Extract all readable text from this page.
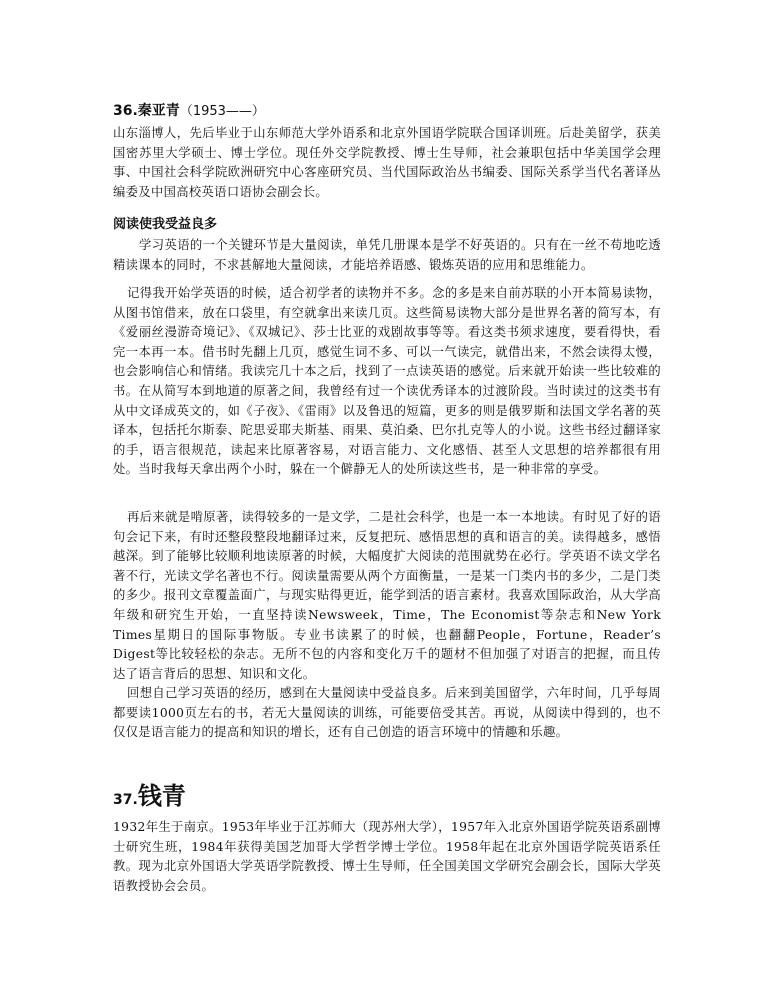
36.秦亚青（1953——）

山东淄博人，先后毕业于山东师范大学外语系和北京外国语学院联合国译训班。后赴美留学，获美国密苏里大学硕士、博士学位。现任外交学院教授、博士生导师，社会兼职包括中华美国学会理事、中国社会科学院欧洲研究中心客座研究员、当代国际政治丛书编委、国际关系学当代名著译丛编委及中国高校英语口语协会副会长。

阅读使我受益良多

学习英语的一个关键环节是大量阅读，单凭几册课本是学不好英语的。只有在一丝不苟地吃透精读课本的同时，不求甚解地大量阅读，才能培养语感、锻炼英语的应用和思维能力。

记得我开始学英语的时候，适合初学者的读物并不多。念的多是来自前苏联的小开本简易读物，从图书馆借来，放在口袋里，有空就拿出来读几页。这些简易读物大部分是世界名著的简写本，有《爱丽丝漫游奇境记》、《双城记》、莎士比亚的戏剧故事等等。看这类书须求速度，要看得快，看完一本再一本。借书时先翻上几页，感觉生词不多、可以一气读完，就借出来，不然会读得太慢，也会影响信心和情绪。我读完几十本之后，找到了一点读英语的感觉。后来就开始读一些比较难的书。在从简写本到地道的原著之间，我曾经有过一个读优秀译本的过渡阶段。当时读过的这类书有从中文译成英文的，如《子夜》、《雷雨》以及鲁迅的短篇，更多的则是俄罗斯和法国文学名著的英译本，包括托尔斯泰、陀思妥耶夫斯基、雨果、莫泊桑、巴尔扎克等人的小说。这些书经过翻译家的手，语言很规范，读起来比原著容易，对语言能力、文化感悟、甚至人文思想的培养都很有用处。当时我每天拿出两个小时，躲在一个僻静无人的处所读这些书，是一种非常的享受。

再后来就是啃原著，读得较多的一是文学，二是社会科学，也是一本一本地读。有时见了好的语句会记下来，有时还整段整段地翻译过来，反复把玩、感悟思想的真和语言的美。读得越多，感悟越深。到了能够比较顺利地读原著的时候，大幅度扩大阅读的范围就势在必行。学英语不读文学名著不行，光读文学名著也不行。阅读量需要从两个方面衡量，一是某一门类内书的多少，二是门类的多少。报刊文章覆盖面广，与现实贴得更近，能学到活的语言素材。我喜欢国际政治，从大学高年级和研究生开始，一直坚持读Newsweek，Time，The Economist等杂志和New York Times星期日的国际事物版。专业书读累了的时候，也翻翻People，Fortune，Reader’s Digest等比较轻松的杂志。无所不包的内容和变化万千的题材不但加强了对语言的把握，而且传达了语言背后的思想、知识和文化。

回想自己学习英语的经历，感到在大量阅读中受益良多。后来到美国留学，六年时间，几乎每周都要读1000页左右的书，若无大量阅读的训练，可能要倍受其苦。再说，从阅读中得到的，也不仅仅是语言能力的提高和知识的增长，还有自己创造的语言环境中的情趣和乐趣。

37.钱青

1932年生于南京。1953年毕业于江苏师大（现苏州大学），1957年入北京外国语学院英语系副博士研究生班，1984年获得美国芝加哥大学哲学博士学位。1958年起在北京外国语学院英语系任教。现为北京外国语大学英语学院教授、博士生导师，任全国美国文学研究会副会长，国际大学英语教授协会会员。
